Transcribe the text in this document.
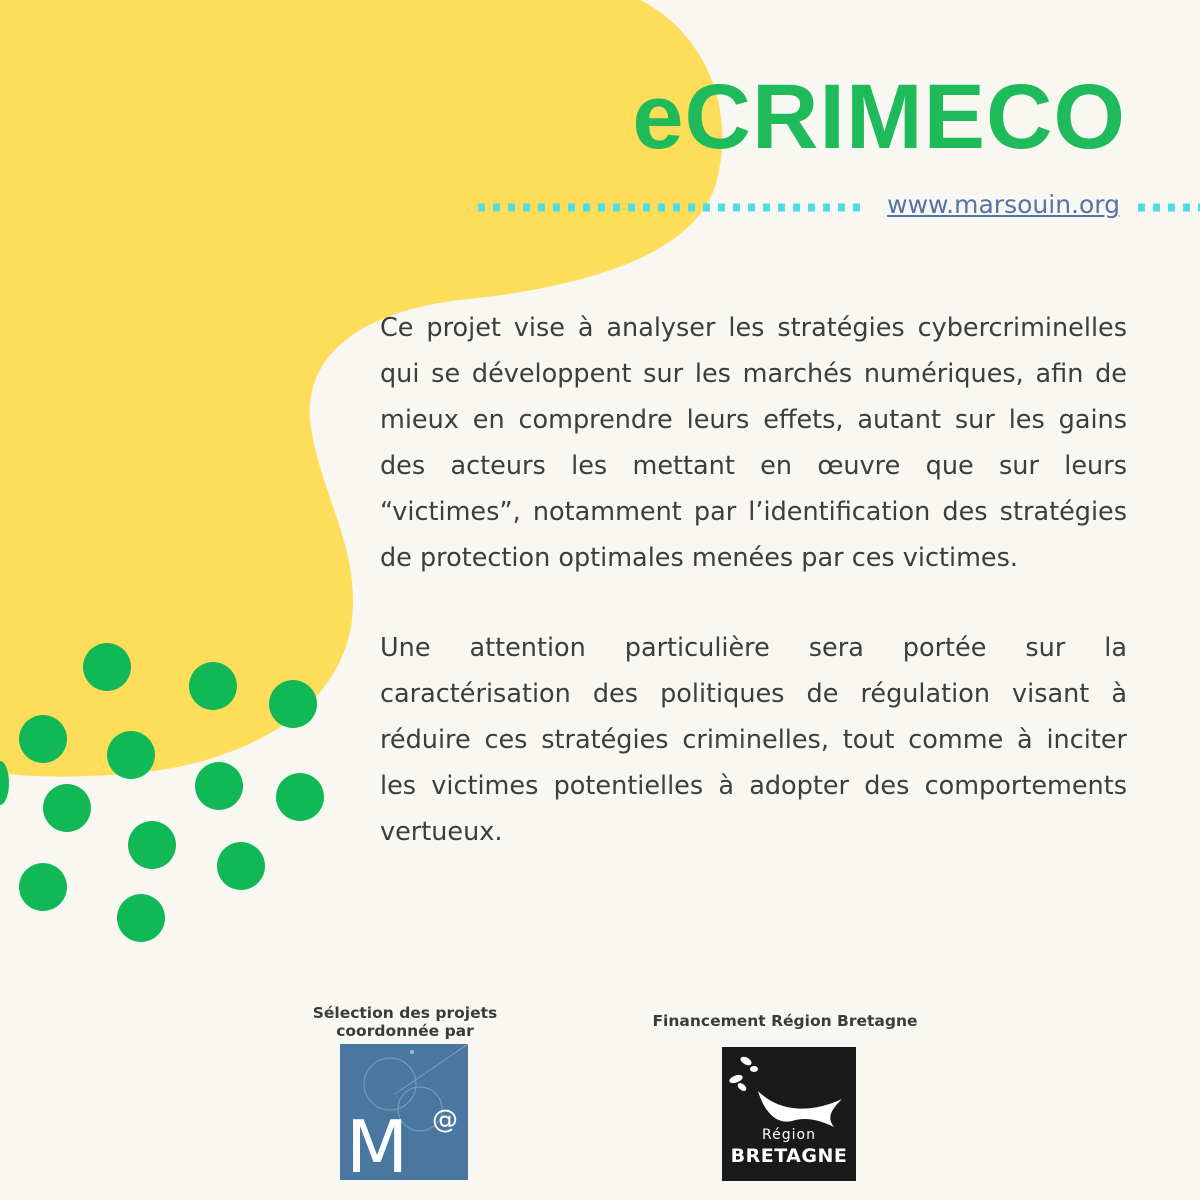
eCRIMECO
www.marsouin.org

Ce projet vise à analyser les stratégies cybercriminelles qui se développent sur les marchés numériques, afin de mieux en comprendre leurs effets, autant sur les gains des acteurs les mettant en œuvre que sur leurs “victimes”, notamment par l’identification des stratégies de protection optimales menées par ces victimes.

Une attention particulière sera portée sur la caractérisation des politiques de régulation visant à réduire ces stratégies criminelles, tout comme à inciter les victimes potentielles à adopter des comportements vertueux.

Sélection des projets
coordonnée par
M @
Financement Région Bretagne
Région
BRETAGNE
